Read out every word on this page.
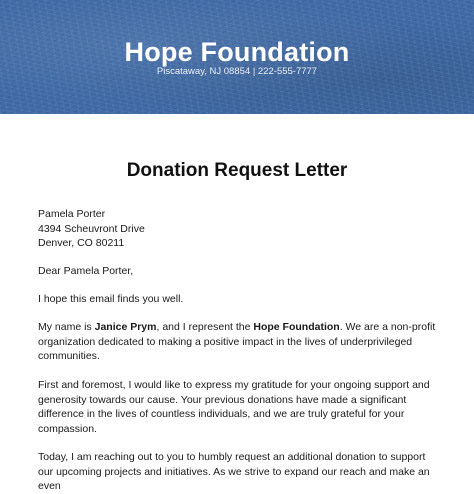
Hope Foundation
Piscataway, NJ 08854 | 222-555-7777
Donation Request Letter
Pamela Porter
4394 Scheuvront Drive
Denver, CO 80211

Dear Pamela Porter,

I hope this email finds you well.

My name is Janice Prym, and I represent the Hope Foundation. We are a non-profit organization dedicated to making a positive impact in the lives of underprivileged communities.

First and foremost, I would like to express my gratitude for your ongoing support and generosity towards our cause. Your previous donations have made a significant difference in the lives of countless individuals, and we are truly grateful for your compassion.

Today, I am reaching out to you to humbly request an additional donation to support our upcoming projects and initiatives. As we strive to expand our reach and make an even
